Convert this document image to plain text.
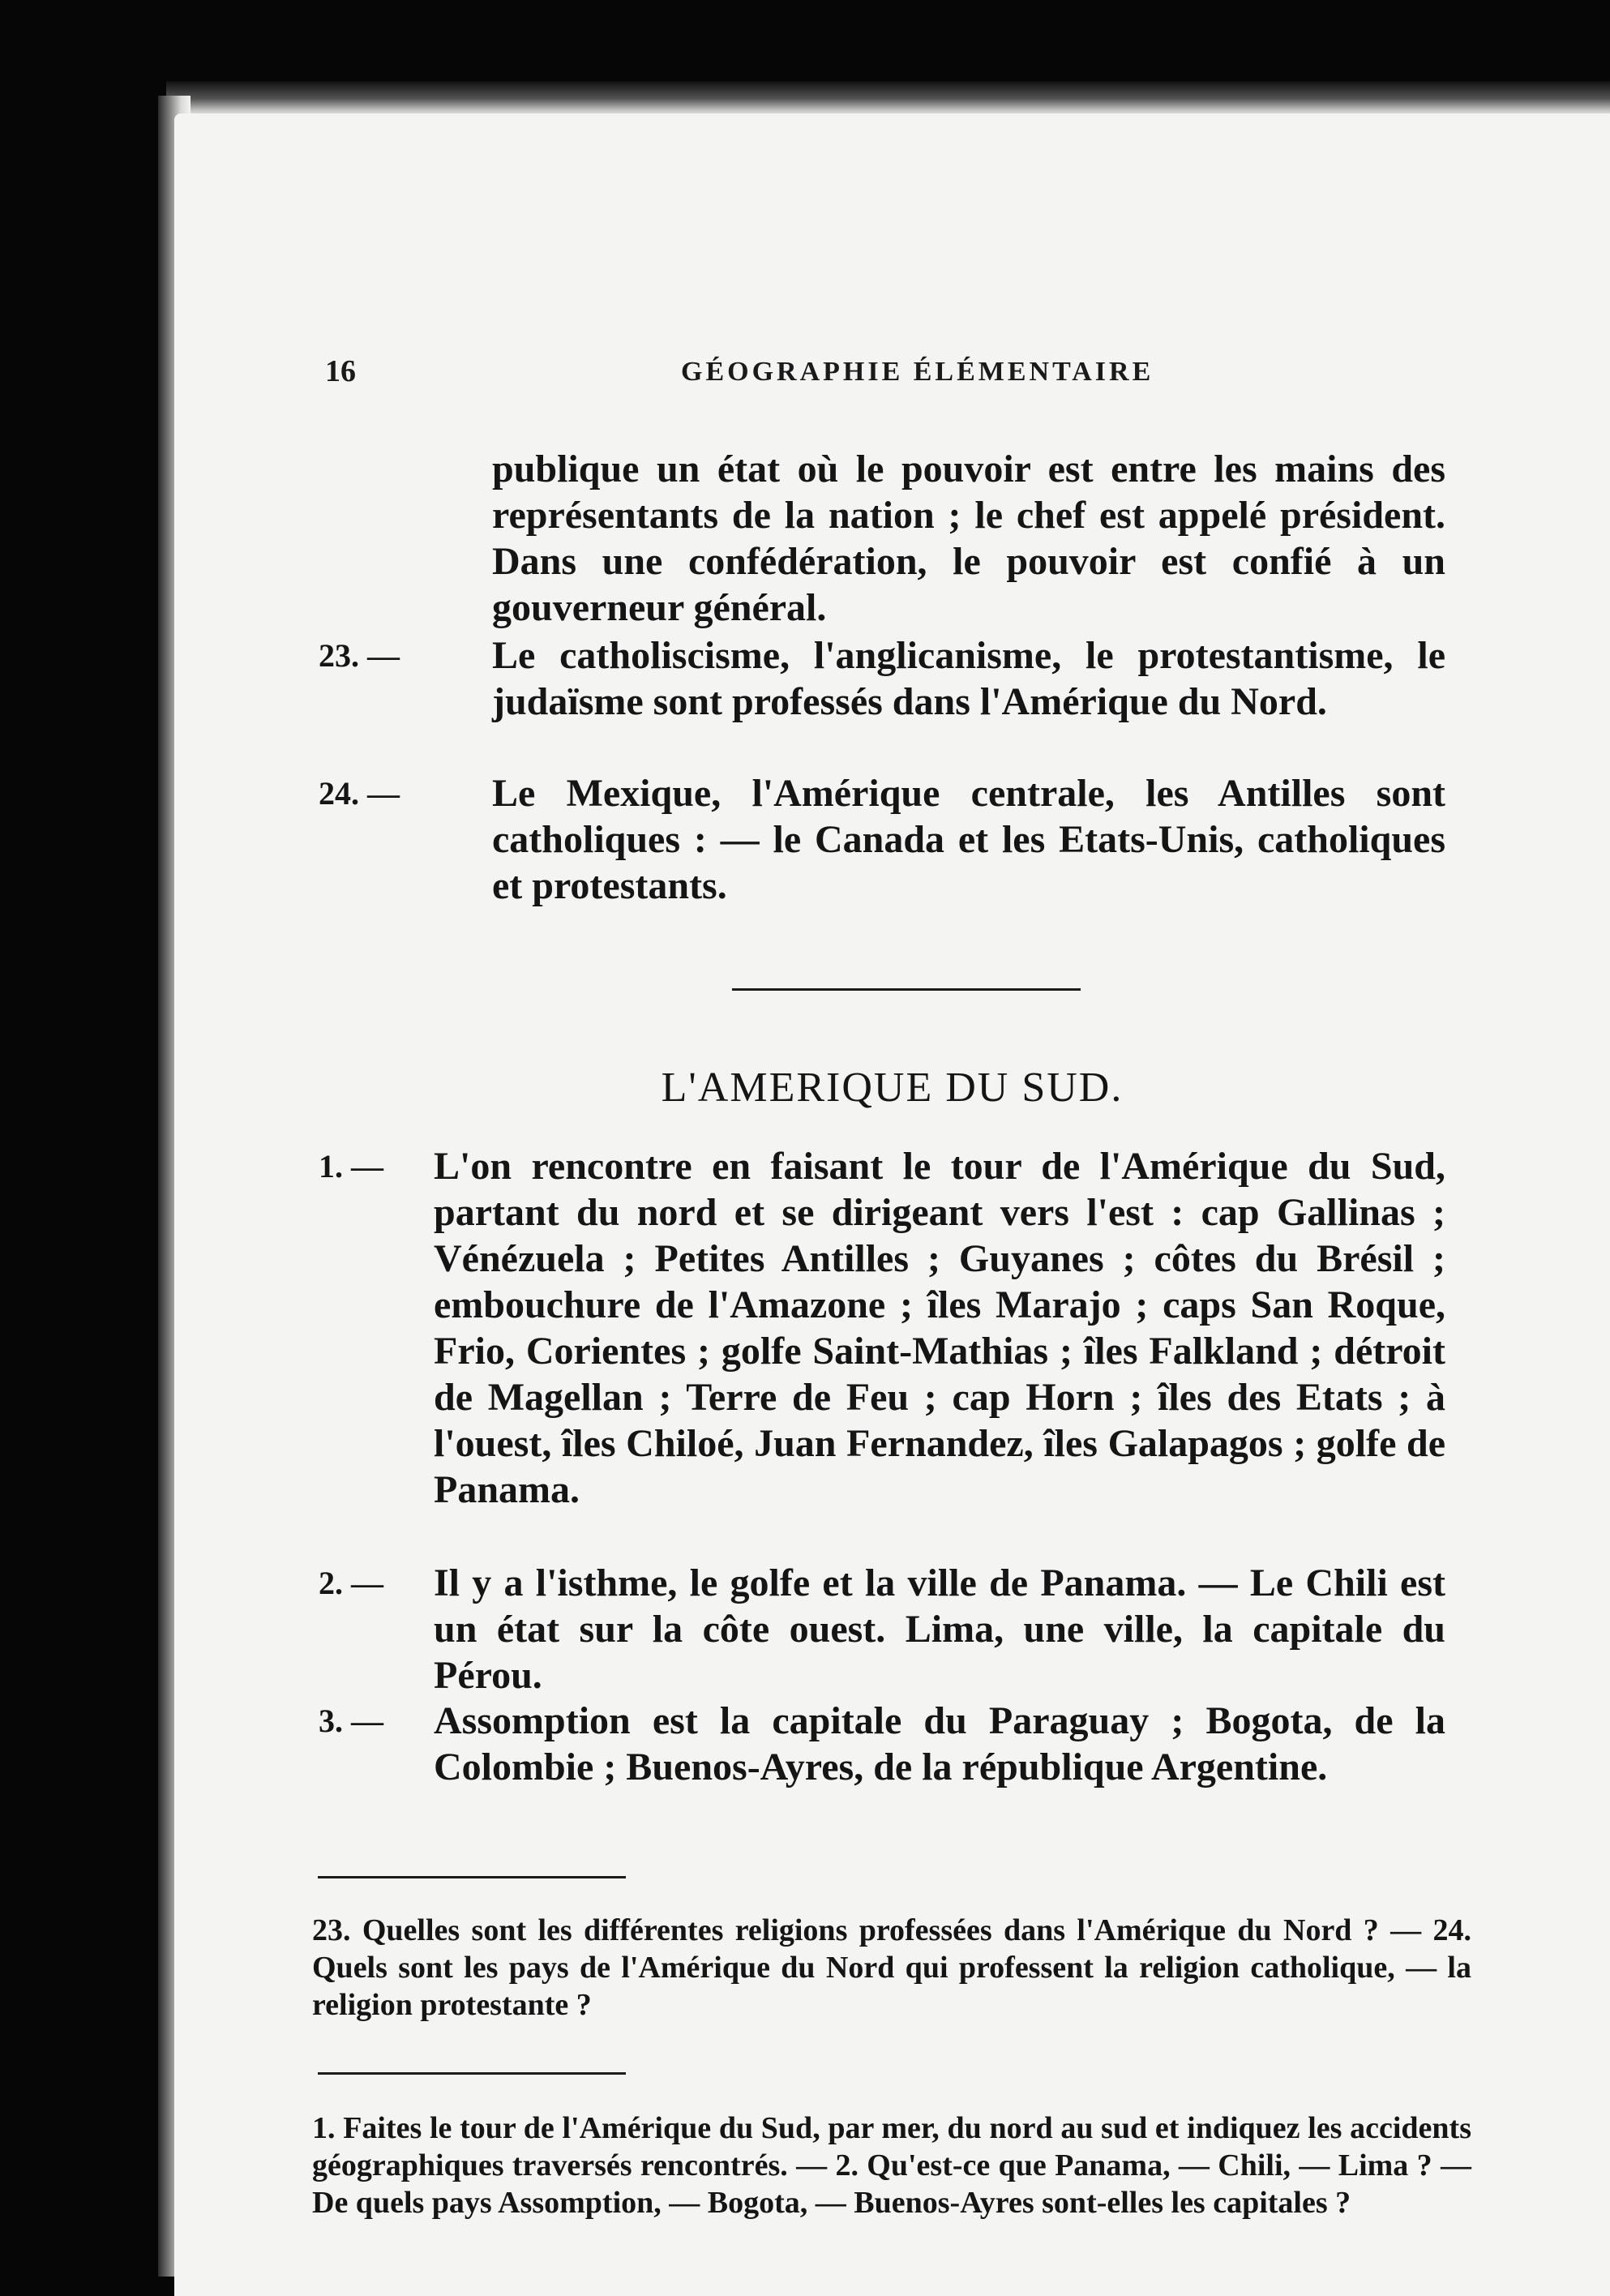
16	GÉOGRAPHIE ÉLÉMENTAIRE
publique un état où le pouvoir est entre les mains des représentants de la nation ; le chef est appelé président. Dans une confédération, le pouvoir est confié à un gouverneur général.
23. — Le catholiscisme, l'anglicanisme, le protestantisme, le judaïsme sont professés dans l'Amérique du Nord.
24. — Le Mexique, l'Amérique centrale, les Antilles sont catholiques : — le Canada et les Etats-Unis, catholiques et protestants.
L'AMERIQUE DU SUD.
1. — L'on rencontre en faisant le tour de l'Amérique du Sud, partant du nord et se dirigeant vers l'est : cap Gallinas ; Vénézuela ; Petites Antilles ; Guyanes ; côtes du Brésil ; embouchure de l'Amazone ; îles Marajo ; caps San Roque, Frio, Corientes ; golfe Saint-Mathias ; îles Falkland ; détroit de Magellan ; Terre de Feu ; cap Horn ; îles des Etats ; à l'ouest, îles Chiloé, Juan Fernandez, îles Galapagos ; golfe de Panama.
2. — Il y a l'isthme, le golfe et la ville de Panama. — Le Chili est un état sur la côte ouest. Lima, une ville, la capitale du Pérou.
3. — Assomption est la capitale du Paraguay ; Bogota, de la Colombie ; Buenos-Ayres, de la république Argentine.
23. Quelles sont les différentes religions professées dans l'Amérique du Nord ? — 24. Quels sont les pays de l'Amérique du Nord qui professent la religion catholique, — la religion protestante ?
1. Faites le tour de l'Amérique du Sud, par mer, du nord au sud et indiquez les accidents géographiques traversés rencontrés. — 2. Qu'est-ce que Panama, — Chili, — Lima ? — De quels pays Assomption, — Bogota, — Buenos-Ayres sont-elles les capitales ?
